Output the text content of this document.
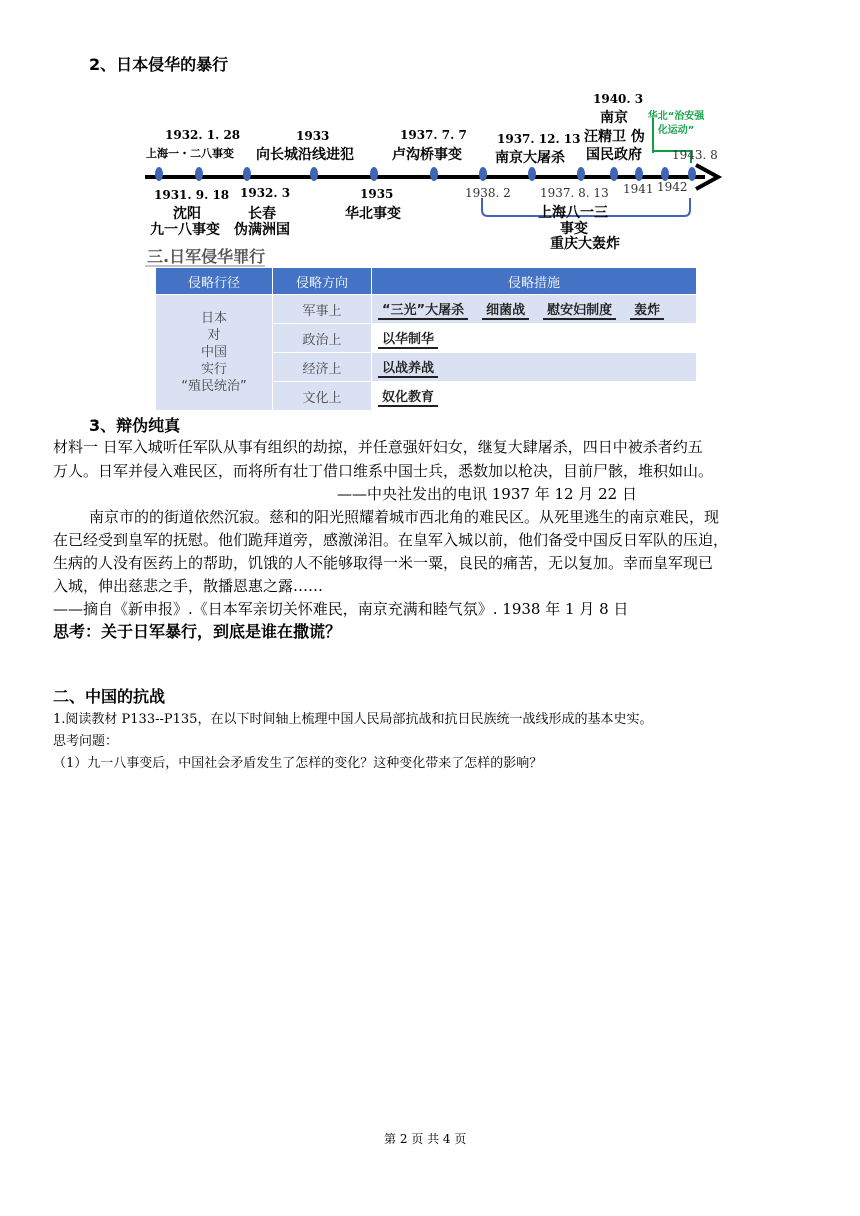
2、日本侵华的暴行
1932. 1. 28
上海一・二八事变
1933
向长城沿线进犯
1937. 7. 7
卢沟桥事变
1937. 12. 13
南京大屠杀
1940. 3
南京
汪精卫 伪
国民政府
华北“治安强化运动”
1931. 9. 18
沈阳
九一八事变
1932. 3
长春
伪满洲国
1935
华北事变
1938. 2 1937. 8. 13 1941 1942
1943. 8
上海八一三
事变
重庆大轰炸
三.日军侵华罪行
侵略行径	侵略方向	侵略措施

日本
对
中国
实行
“殖民统治”	军事上	“三光”大屠杀 细菌战 慰安妇制度 轰炸
	政治上	以华制华
	经济上	以战养战
	文化上	奴化教育
3、辩伪纯真
材料一 日军入城听任军队从事有组织的劫掠，并任意强奸妇女，继复大肆屠杀，四日中被杀者约五
万人。日军并侵入难民区，而将所有壮丁借口维系中国士兵，悉数加以枪决，目前尸骸，堆积如山。
——中央社发出的电讯 1937 年 12 月 22 日
南京市的的街道依然沉寂。慈和的阳光照耀着城市西北角的难民区。从死里逃生的南京难民，现
在已经受到皇军的抚慰。他们跪拜道旁，感激涕泪。在皇军入城以前，他们备受中国反日军队的压迫，
生病的人没有医药上的帮助，饥饿的人不能够取得一米一粟，良民的痛苦，无以复加。幸而皇军现已
入城，伸出慈悲之手，散播恩惠之露……
——摘自《新申报》.《日本军亲切关怀难民，南京充满和睦气氛》. 1938 年 1 月 8 日
思考：关于日军暴行，到底是谁在撒谎？
二、中国的抗战
1.阅读教材 P133--P135，在以下时间轴上梳理中国人民局部抗战和抗日民族统一战线形成的基本史实。
思考问题：
（1）九一八事变后，中国社会矛盾发生了怎样的变化？这种变化带来了怎样的影响？
第 2 页 共 4 页
